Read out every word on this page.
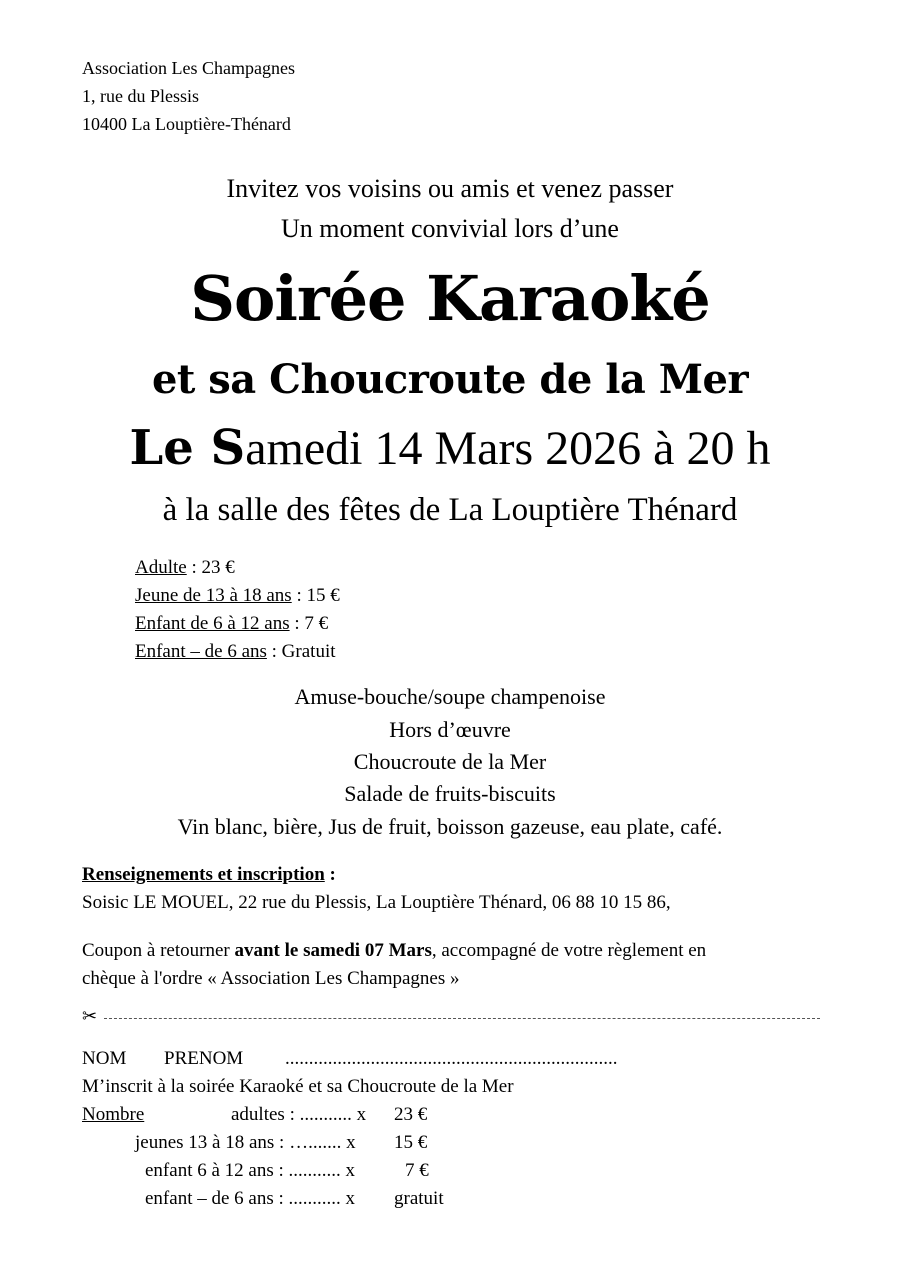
Association Les Champagnes
1, rue du Plessis
10400 La Louptière-Thénard
Invitez vos voisins ou amis et venez passer
Un moment convivial lors d’une
Soirée Karaoké
et sa Choucroute de la Mer
Le Samedi 14 Mars 2026 à 20 h
à la salle des fêtes de La Louptière Thénard
Adulte : 23 €
Jeune de 13 à 18 ans : 15 €
Enfant de 6 à 12 ans : 7 €
Enfant – de 6 ans : Gratuit
Amuse-bouche/soupe champenoise
Hors d’œuvre
Choucroute de la Mer
Salade de fruits-biscuits
Vin blanc, bière, Jus de fruit, boisson gazeuse, eau plate, café.
Renseignements et inscription :
Soisic LE MOUEL, 22 rue du Plessis, La Louptière Thénard, 06 88 10 15 86,
Coupon à retourner avant le samedi 07 Mars, accompagné de votre règlement en
chèque à l'ordre « Association Les Champagnes »
✂
NOM PRENOM ......................................................................
M’inscrit à la soirée Karaoké et sa Choucroute de la Mer
Nombre	adultes : ........... x 23 €
jeunes 13 à 18 ans : …....... x 15 €
enfant 6 à 12 ans : ........... x	7 €
enfant – de 6 ans : ........... x gratuit
